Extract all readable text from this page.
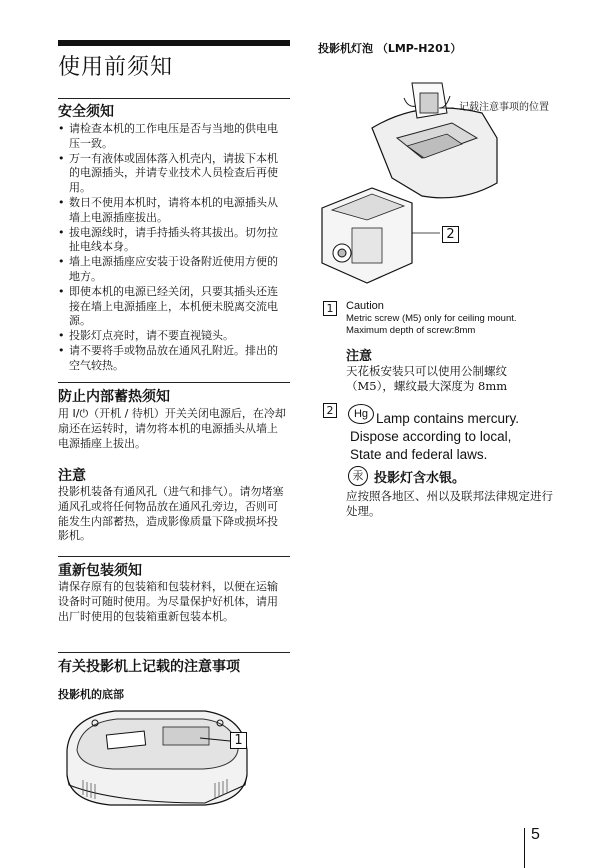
使用前须知
安全须知
• 请检查本机的工作电压是否与当地的供电电压一致。
• 万一有液体或固体落入机壳内，请拔下本机的电源插头，并请专业技术人员检查后再使用。
• 数日不使用本机时，请将本机的电源插头从墙上电源插座拔出。
• 拔电源线时，请手持插头将其拔出。切勿拉扯电线本身。
• 墙上电源插座应安装于设备附近使用方便的地方。
• 即使本机的电源已经关闭，只要其插头还连接在墙上电源插座上，本机便未脱离交流电源。
• 投影灯点亮时，请不要直视镜头。
• 请不要将手或物品放在通风孔附近。排出的空气较热。
防止内部蓄热须知
用 I/⏻（开机 / 待机）开关关闭电源后，在冷却扇还在运转时，请勿将本机的电源插头从墙上电源插座上拔出。
注意
投影机装备有通风孔（进气和排气）。请勿堵塞通风孔或将任何物品放在通风孔旁边，否则可能发生内部蓄热，造成影像质量下降或损坏投影机。
重新包装须知
请保存原有的包装箱和包装材料，以便在运输设备时可随时使用。为尽量保护好机体，请用出厂时使用的包装箱重新包装本机。
有关投影机上记载的注意事项
投影机的底部
1
投影机灯泡 （LMP-H201）
记载注意事项的位置
2
1	Caution
Metric screw (M5) only for ceiling mount.
Maximum depth of screw:8mm
注意
天花板安装只可以使用公制螺纹（M5），螺纹最大深度为 8mm
2	Hg Lamp contains mercury.
Dispose according to local,
State and federal laws.
汞 投影灯含水银。
应按照各地区、州以及联邦法律规定进行处理。
5
